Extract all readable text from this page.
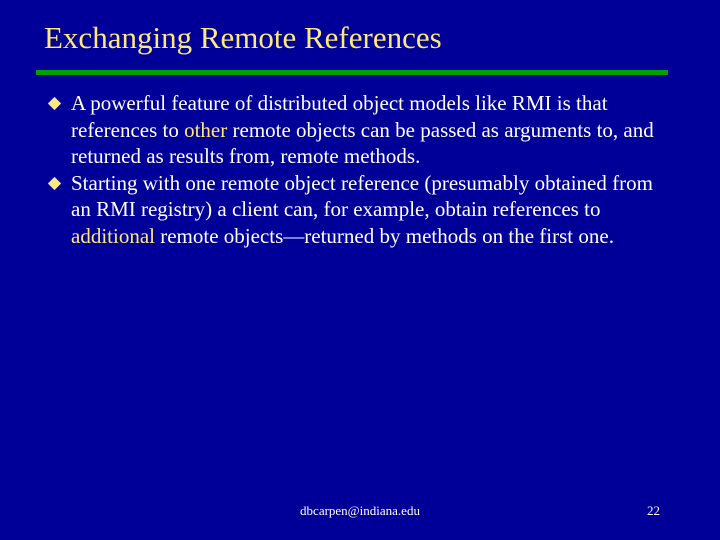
Exchanging Remote References
A powerful feature of distributed object models like RMI is that references to other remote objects can be passed as arguments to, and returned as results from, remote methods.
Starting with one remote object reference (presumably obtained from an RMI registry) a client can, for example, obtain references to additional remote objects—returned by methods on the first one.
dbcarpen@indiana.edu	22
